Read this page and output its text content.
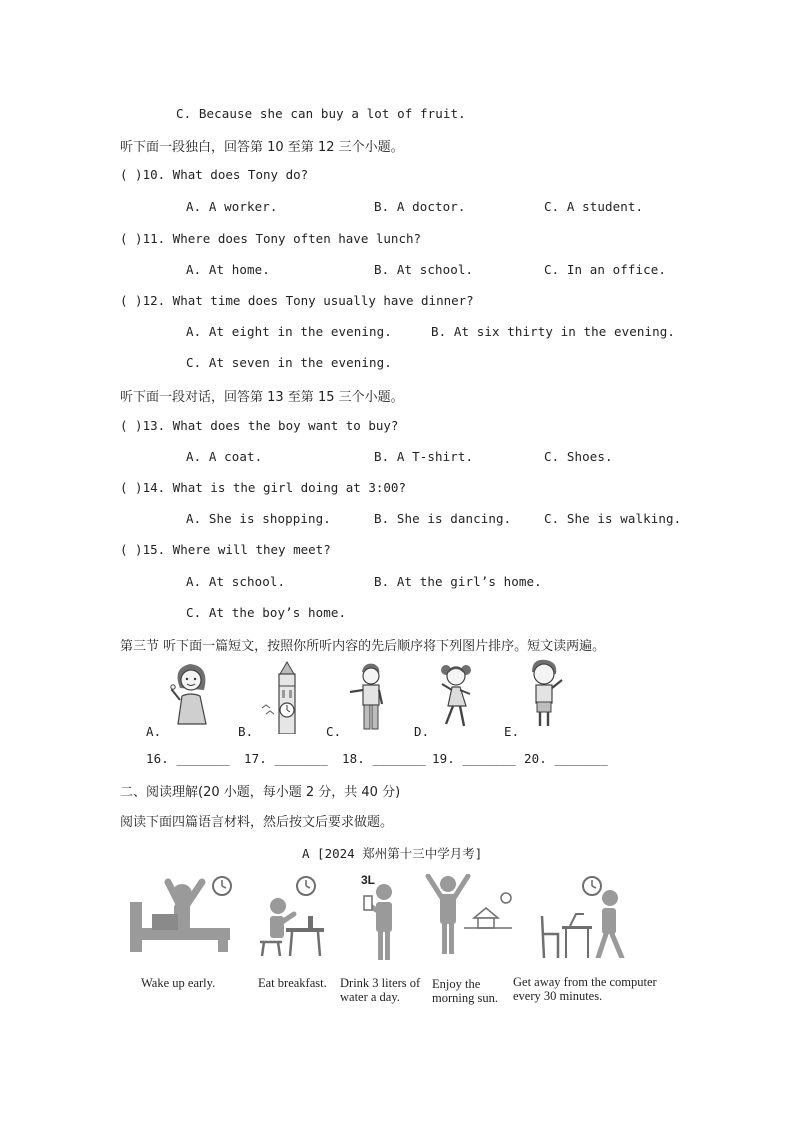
C. Because she can buy a lot of fruit.
听下面一段独白，回答第 10 至第 12 三个小题。
( )10. What does Tony do?
A. A worker.	B. A doctor.	C. A student.
( )11. Where does Tony often have lunch?
A. At home.	B. At school.	C. In an office.
( )12. What time does Tony usually have dinner?
A. At eight in the evening.	B. At six thirty in the evening.
C. At seven in the evening.
听下面一段对话，回答第 13 至第 15 三个小题。
( )13. What does the boy want to buy?
A. A coat.	B. A T-shirt.	C. Shoes.
( )14. What is the girl doing at 3:00?
A. She is shopping.	B. She is dancing.	C. She is walking.
( )15. Where will they meet?
A. At school.	B. At the girl’s home.
C. At the boy’s home.
第三节 听下面一篇短文，按照你所听内容的先后顺序将下列图片排序。短文读两遍。
A.	B.	C.	D.	E.
16. _______ 17. _______ 18. _______ 19. _______ 20. _______
二、阅读理解(20 小题，每小题 2 分，共 40 分)
阅读下面四篇语言材料，然后按文后要求做题。
A [2024 郑州第十三中学月考]
3L
Wake up early.	Eat breakfast. Drink 3 liters of
water a day.
Enjoy the
morning sun.
Get away from the computer
every 30 minutes.
